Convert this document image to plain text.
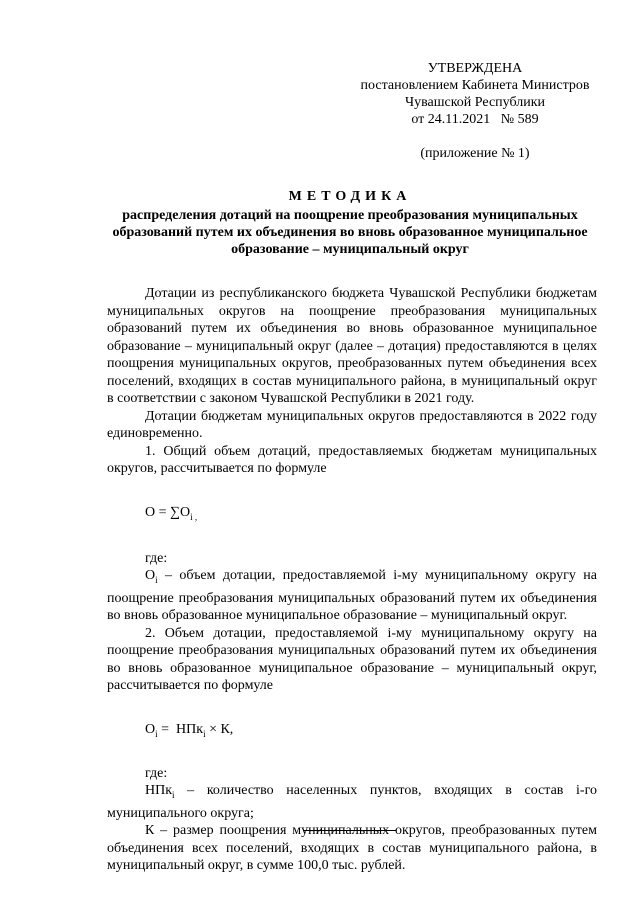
УТВЕРЖДЕНА
постановлением Кабинета Министров
Чувашской Республики
от 24.11.2021   № 589
(приложение № 1)
МЕТОДИКА
распределения дотаций на поощрение преобразования муниципальных образований путем их объединения во вновь образованное муниципальное образование – муниципальный округ

Дотации из республиканского бюджета Чувашской Республики бюджетам муниципальных округов на поощрение преобразования муниципальных образований путем их объединения во вновь образованное муниципальное образование – муниципальный округ (далее – дотация) предоставляются в целях поощрения муниципальных округов, преобразованных путем объединения всех поселений, входящих в состав муниципального района, в муниципальный округ в соответствии с законом Чувашской Республики в 2021 году.

Дотации бюджетам муниципальных округов предоставляются в 2022 году единовременно.

1. Общий объем дотаций, предоставляемых бюджетам муниципальных округов, рассчитывается по формуле

$О = \sum О_{i ,}$

где:

$О_i$ – объем дотации, предоставляемой i-му муниципальному округу на поощрение преобразования муниципальных образований путем их объединения во вновь образованное муниципальное образование – муниципальный округ.

2. Объем дотации, предоставляемой i-му муниципальному округу на поощрение преобразования муниципальных образований путем их объединения во вновь образованное муниципальное образование – муниципальный округ, рассчитывается по формуле

$О_i = НПк_i \times К$,

где:

НПк$_i$ – количество населенных пунктов, входящих в состав i-го муниципального округа;

К – размер поощрения муниципальных округов, преобразованных путем объединения всех поселений, входящих в состав муниципального района, в муниципальный округ, в сумме 100,0 тыс. рублей.
